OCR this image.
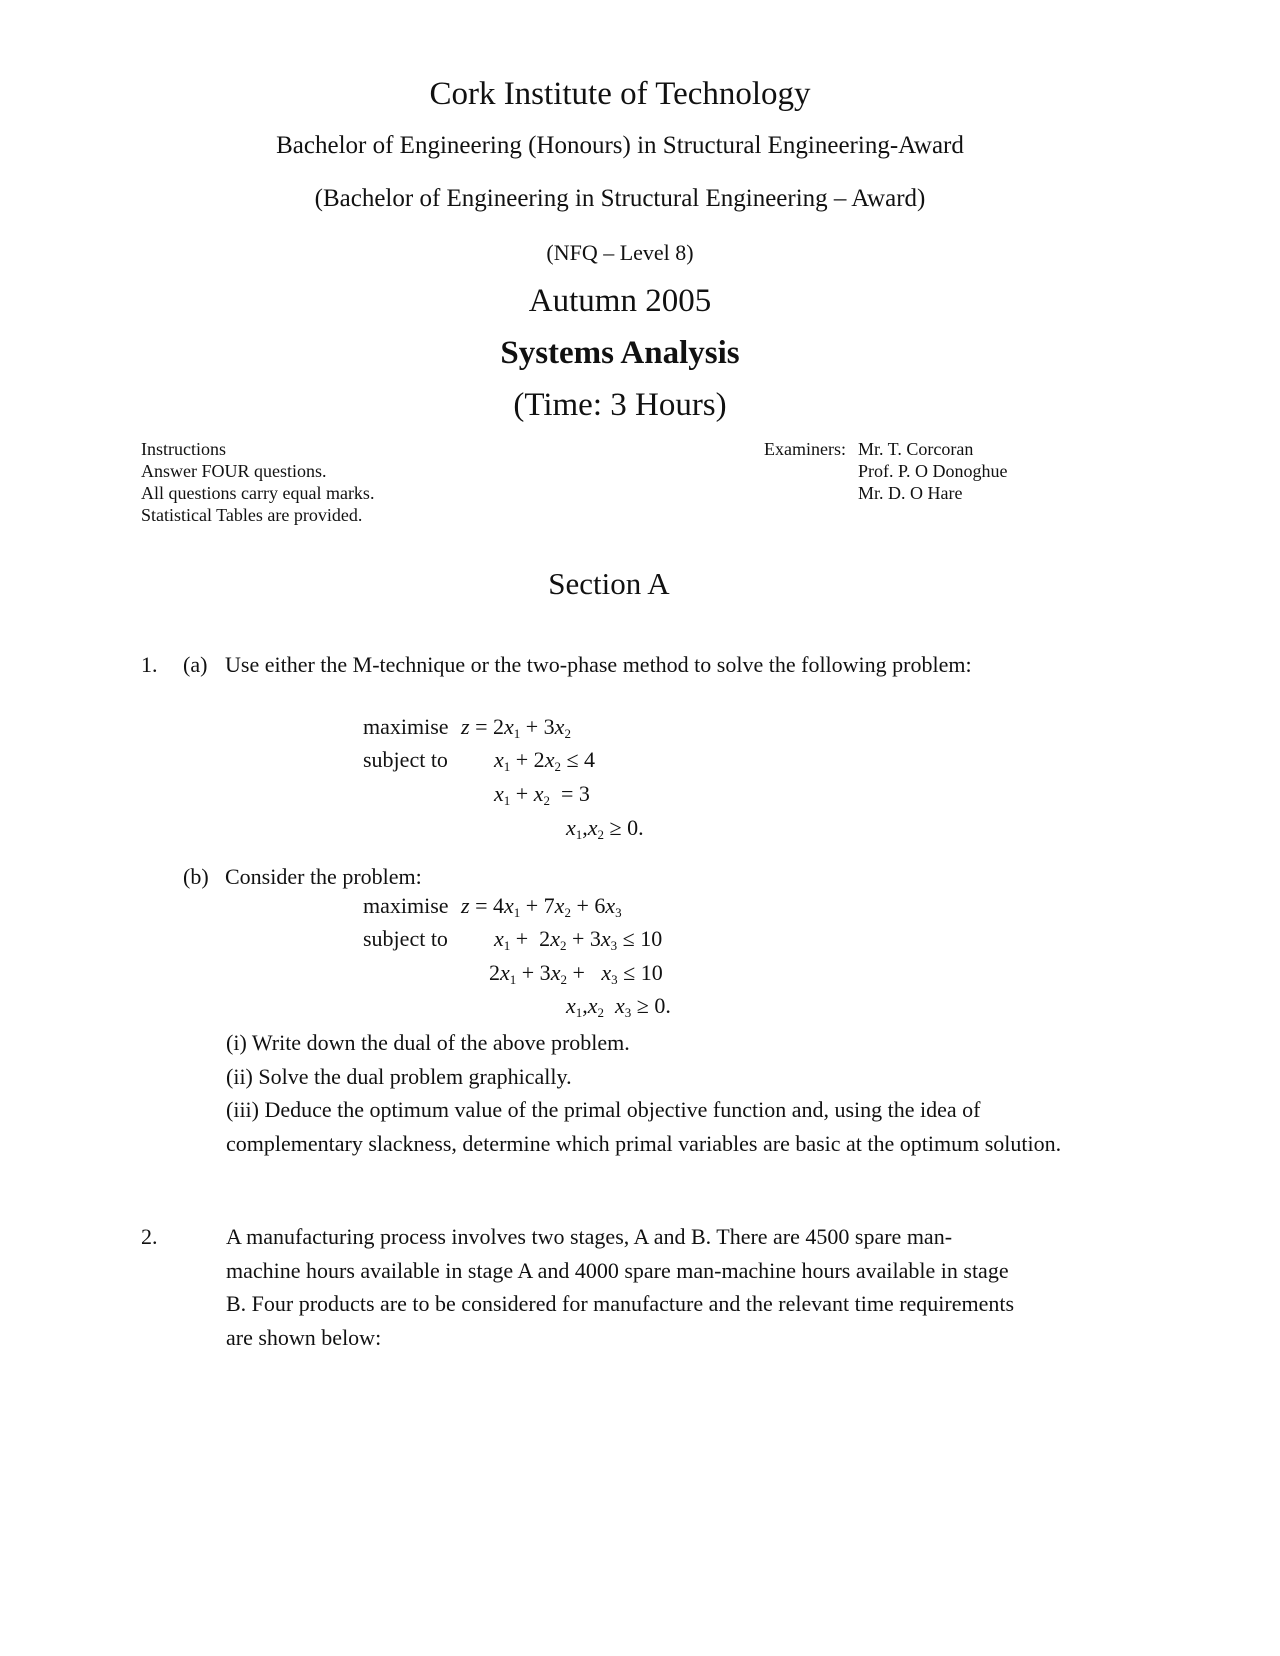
Cork Institute of Technology
Bachelor of Engineering (Honours) in Structural Engineering-Award
(Bachelor of Engineering in Structural Engineering – Award)
(NFQ – Level 8)
Autumn 2005
Systems Analysis
(Time: 3 Hours)
Instructions
Answer FOUR questions.
All questions carry equal marks.
Statistical Tables are provided.
Examiners: Mr. T. Corcoran
Prof. P. O Donoghue
Mr. D. O Hare
Section A
1. (a) Use either the M-technique or the two-phase method to solve the following problem:
maximise $z = 2x_1 + 3x_2$
subject to $x_1 + 2x_2 \le 4$
$x_1 + x_2 = 3$
$x_1,x_2 \ge 0$.
(b) Consider the problem:
maximise $z = 4x_1 + 7x_2 + 6x_3$
subject to $x_1 + 2x_2 + 3x_3 \le 10$
$2x_1 + 3x_2 + x_3 \le 10$
$x_1,x_2$ $x_3 \ge 0$.
(i) Write down the dual of the above problem.
(ii) Solve the dual problem graphically.
(iii) Deduce the optimum value of the primal objective function and, using the idea of
complementary slackness, determine which primal variables are basic at the optimum solution.
2.	A manufacturing process involves two stages, A and B. There are 4500 spare man-
machine hours available in stage A and 4000 spare man-machine hours available in stage
B. Four products are to be considered for manufacture and the relevant time requirements
are shown below:
